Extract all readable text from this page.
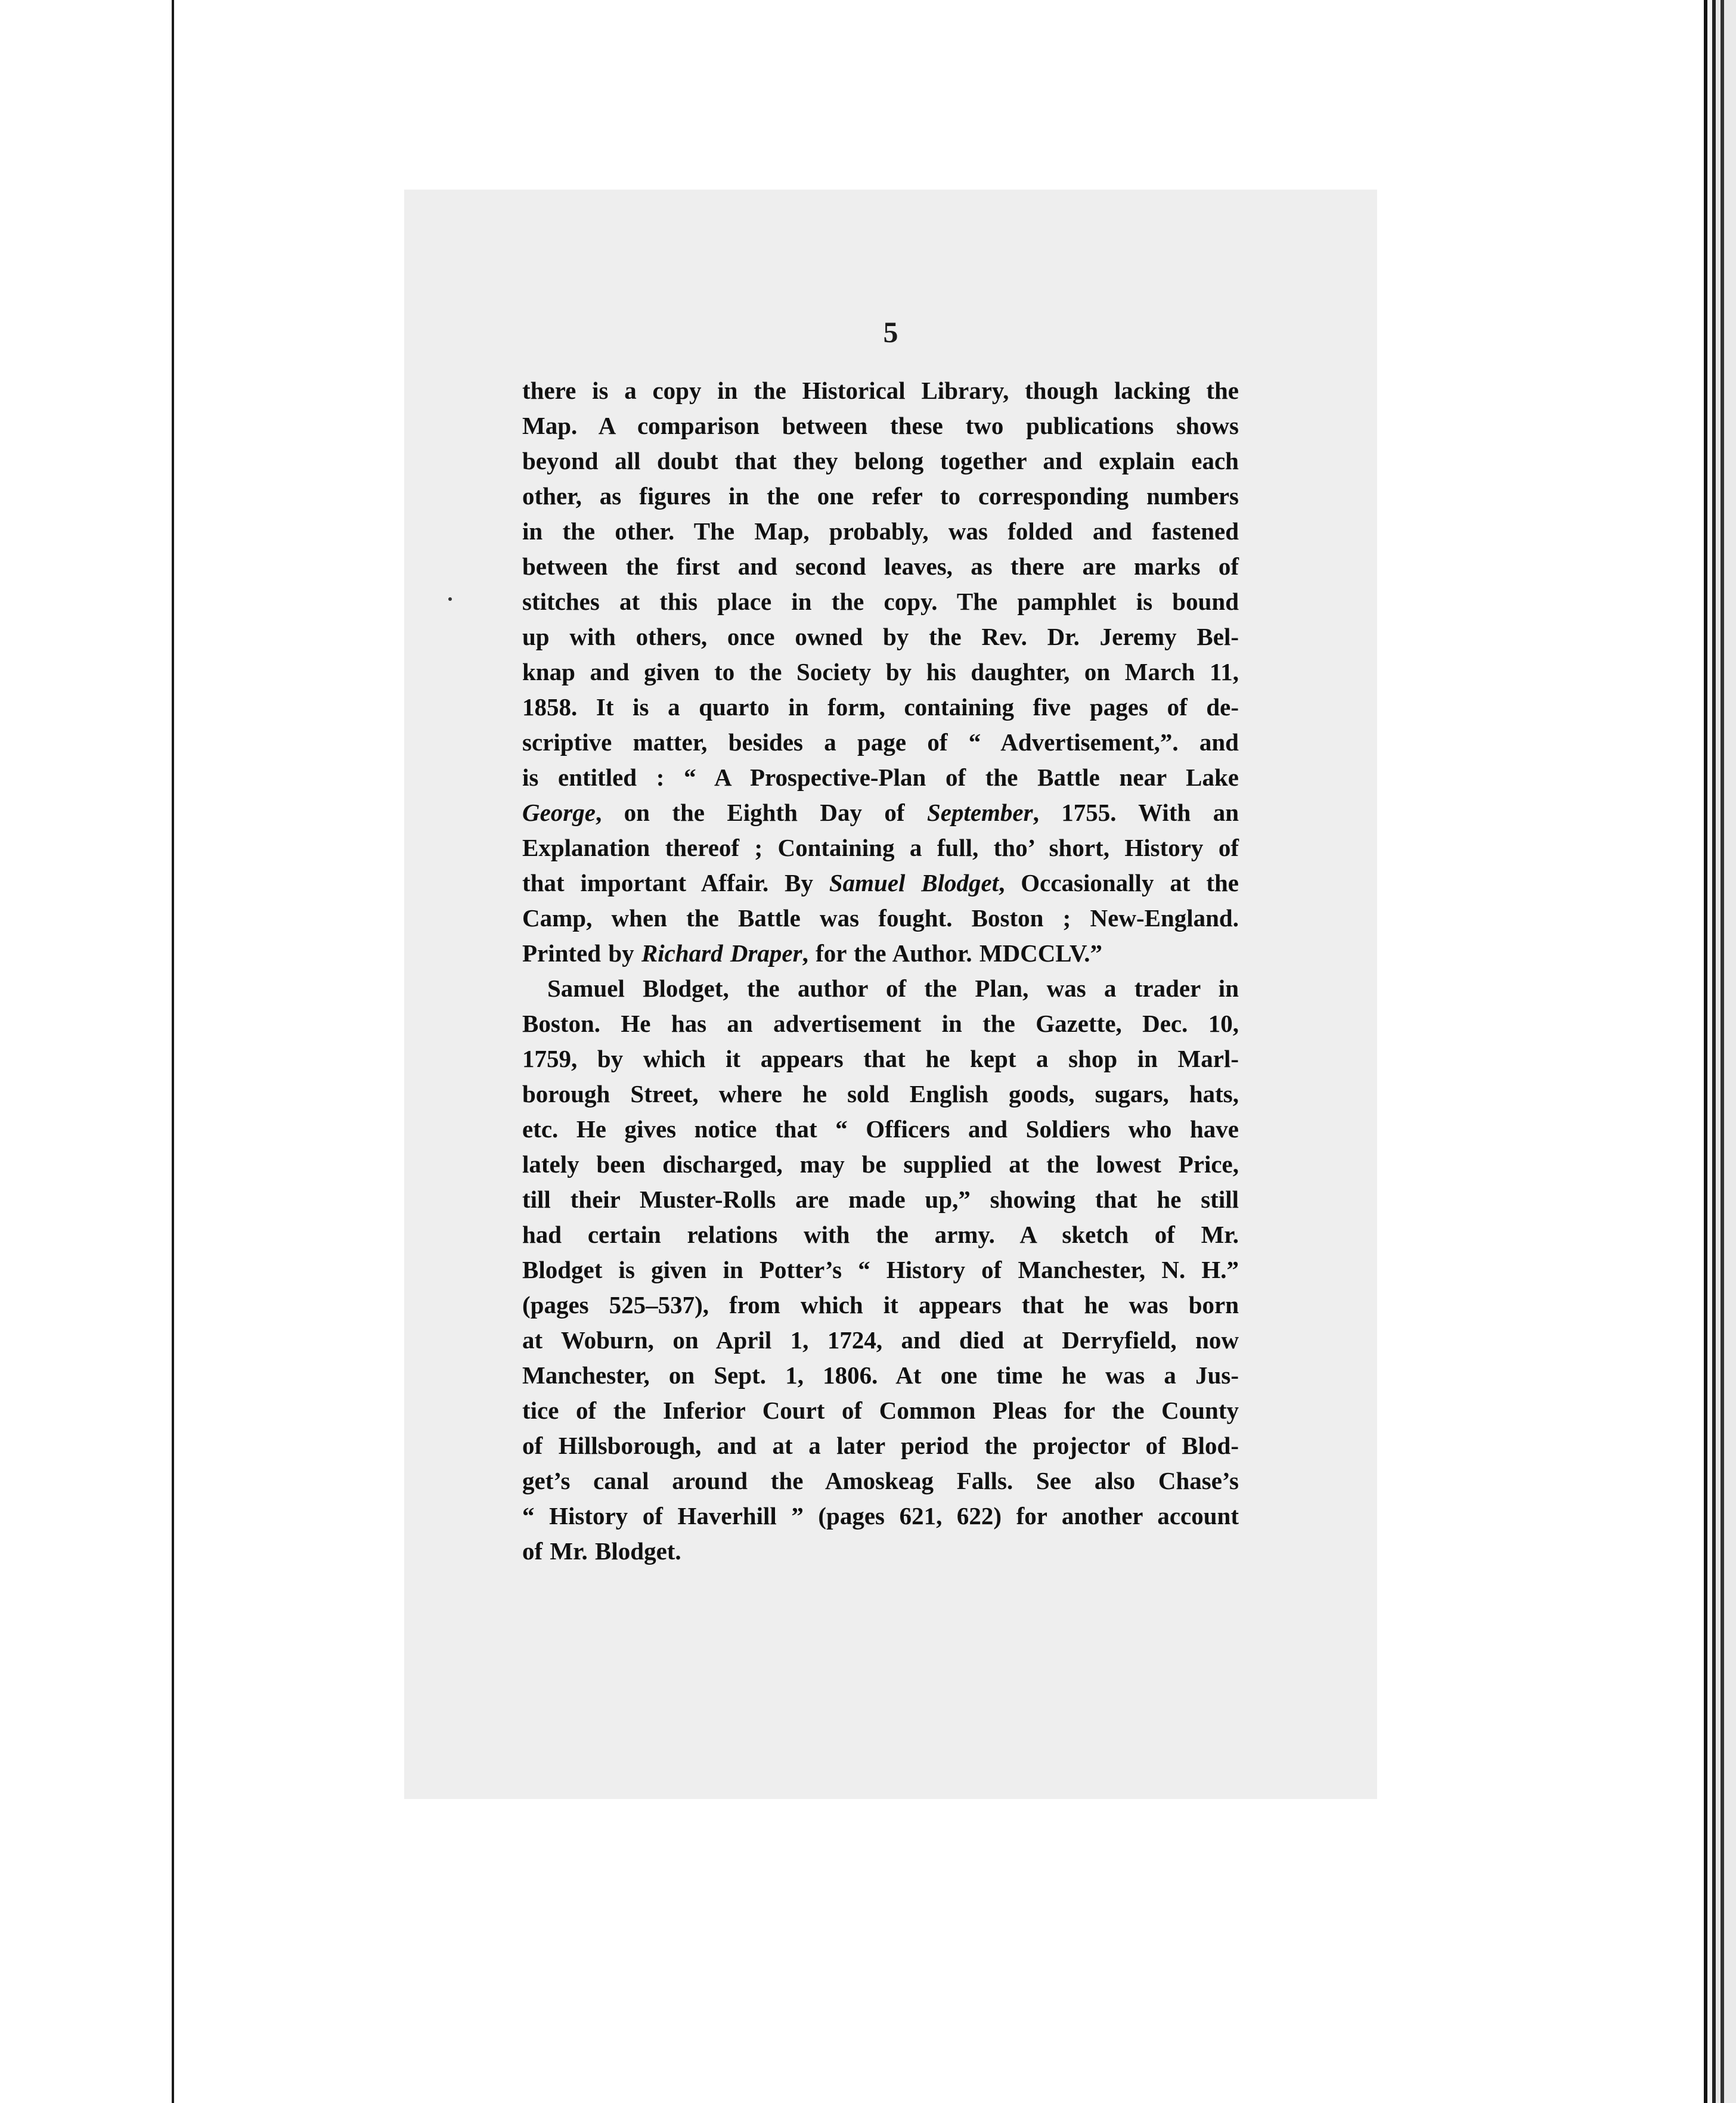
5

there is a copy in the Historical Library, though lacking the
Map. A comparison between these two publications shows
beyond all doubt that they belong together and explain each
other, as figures in the one refer to corresponding numbers
in the other. The Map, probably, was folded and fastened
between the first and second leaves, as there are marks of
stitches at this place in the copy. The pamphlet is bound
up with others, once owned by the Rev. Dr. Jeremy Bel-
knap and given to the Society by his daughter, on March 11,
1858. It is a quarto in form, containing five pages of de-
scriptive matter, besides a page of “ Advertisement,”. and
is entitled : “ A Prospective-Plan of the Battle near Lake
George, on the Eighth Day of September, 1755. With an
Explanation thereof ; Containing a full, tho’ short, History of
that important Affair. By Samuel Blodget, Occasionally at the
Camp, when the Battle was fought. Boston ; New-England.
Printed by Richard Draper, for the Author. MDCCLV.”

Samuel Blodget, the author of the Plan, was a trader in
Boston. He has an advertisement in the Gazette, Dec. 10,
1759, by which it appears that he kept a shop in Marl-
borough Street, where he sold English goods, sugars, hats,
etc. He gives notice that “ Officers and Soldiers who have
lately been discharged, may be supplied at the lowest Price,
till their Muster-Rolls are made up,” showing that he still
had certain relations with the army. A sketch of Mr.
Blodget is given in Potter’s “ History of Manchester, N. H.”
(pages 525–537), from which it appears that he was born
at Woburn, on April 1, 1724, and died at Derryfield, now
Manchester, on Sept. 1, 1806. At one time he was a Jus-
tice of the Inferior Court of Common Pleas for the County
of Hillsborough, and at a later period the projector of Blod-
get’s canal around the Amoskeag Falls. See also Chase’s
“ History of Haverhill ” (pages 621, 622) for another account
of Mr. Blodget.
